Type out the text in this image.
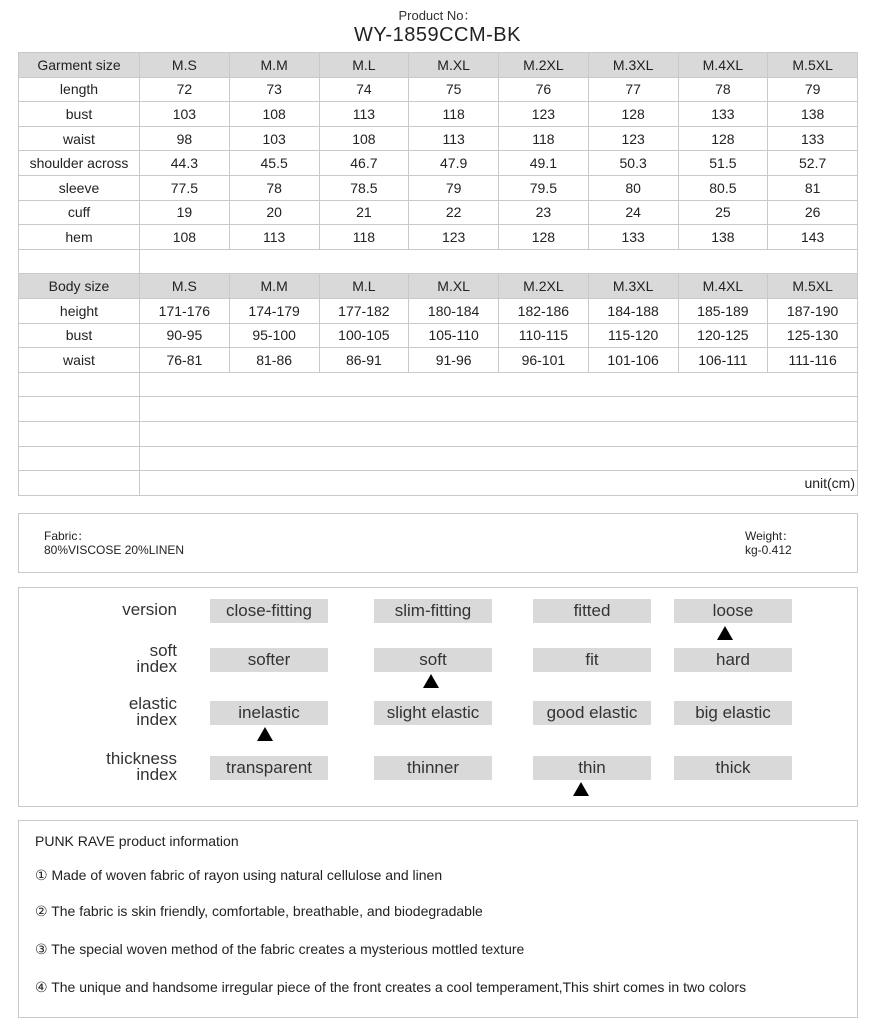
Product No：
WY-1859CCM-BK
Garment size	M.S	M.M	M.L	M.XL	M.2XL	M.3XL	M.4XL	M.5XL
length	72	73	74	75	76	77	78	79
bust	103	108	113	118	123	128	133	138
waist	98	103	108	113	118	123	128	133
shoulder across	44.3	45.5	46.7	47.9	49.1	50.3	51.5	52.7
sleeve	77.5	78	78.5	79	79.5	80	80.5	81
cuff	19	20	21	22	23	24	25	26
hem	108	113	118	123	128	133	138	143

Body size	M.S	M.M	M.L	M.XL	M.2XL	M.3XL	M.4XL	M.5XL
height	171-176	174-179	177-182	180-184	182-186	184-188	185-189	187-190
bust	90-95	95-100	100-105	105-110	110-115	115-120	120-125	125-130
waist	76-81	81-86	86-91	91-96	96-101	101-106	106-111	111-116

	unit(cm)							
Fabric：
80%VISCOSE 20%LINEN
Weight：
kg-0.412
version	close-fitting	slim-fitting	fitted	loose
soft
index	softer	soft	fit	hard
elastic
index	inelastic	slight elastic	good elastic	big elastic
thickness
index	transparent	thinner	thin	thick
PUNK RAVE product information
① Made of woven fabric of rayon using natural cellulose and linen
② The fabric is skin friendly, comfortable, breathable, and biodegradable
③ The special woven method of the fabric creates a mysterious mottled texture
④ The unique and handsome irregular piece of the front creates a cool temperament,This shirt comes in two colors
